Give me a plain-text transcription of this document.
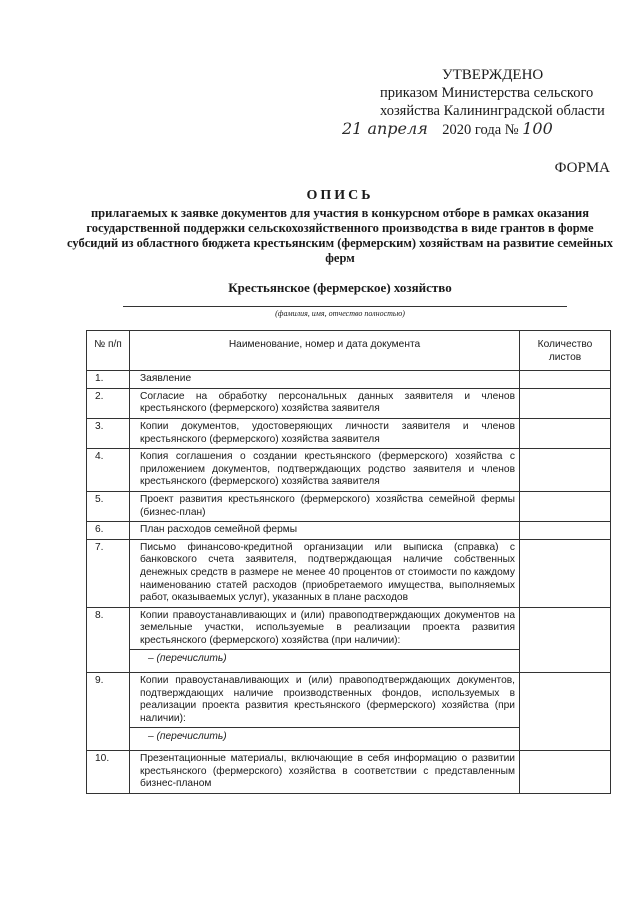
УТВЕРЖДЕНО
приказом Министерства сельского
хозяйства Калининградской области
21 апреля 2020 года № 100
ФОРМА
ОПИСЬ
прилагаемых к заявке документов для участия в конкурсном отборе в рамках оказания государственной поддержки сельскохозяйственного производства в виде грантов в форме субсидий из областного бюджета крестьянским (фермерским) хозяйствам на развитие семейных ферм
Крестьянское (фермерское) хозяйство
(фамилия, имя, отчество полностью)
№ п/п	Наименование, номер и дата документа	Количество листов
1.	Заявление	
2.	Согласие на обработку персональных данных заявителя и членов крестьянского (фермерского) хозяйства заявителя	
3.	Копии документов, удостоверяющих личности заявителя и членов крестьянского (фермерского) хозяйства заявителя	
4.	Копия соглашения о создании крестьянского (фермерского) хозяйства с приложением документов, подтверждающих родство заявителя и членов крестьянского (фермерского) хозяйства заявителя	
5.	Проект развития крестьянского (фермерского) хозяйства семейной фермы (бизнес-план)	
6.	План расходов семейной фермы	
7.	Письмо финансово-кредитной организации или выписка (справка) с банковского счета заявителя, подтверждающая наличие собственных денежных средств в размере не менее 40 процентов от стоимости по каждому наименованию статей расходов (приобретаемого имущества, выполняемых работ, оказываемых услуг), указанных в плане расходов	
8.	Копии правоустанавливающих и (или) правоподтверждающих документов на земельные участки, используемые в реализации проекта развития крестьянского (фермерского) хозяйства (при наличии):
– (перечислить)	

9.	Копии правоустанавливающих и (или) правоподтверждающих документов, подтверждающих наличие производственных фондов, используемых в реализации проекта развития крестьянского (фермерского) хозяйства (при наличии):
– (перечислить)	

10.	Презентационные материалы, включающие в себя информацию о развитии крестьянского (фермерского) хозяйства в соответствии с представленным бизнес-планом	
